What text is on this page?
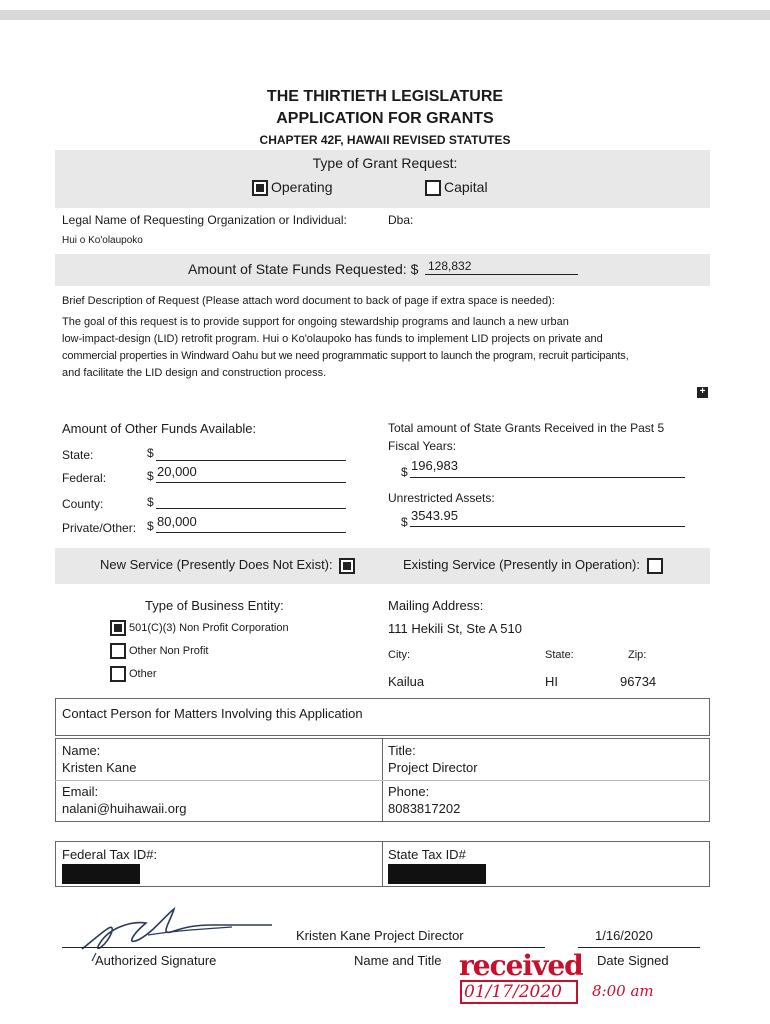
THE THIRTIETH LEGISLATURE
APPLICATION FOR GRANTS
CHAPTER 42F, HAWAII REVISED STATUTES
Type of Grant Request:
Operating	Capital
Legal Name of Requesting Organization or Individual:	Dba:
Hui o Ko'olaupoko
Amount of State Funds Requested: $ 128,832
Brief Description of Request (Please attach word document to back of page if extra space is needed):
The goal of this request is to provide support for ongoing stewardship programs and launch a new urban
low-impact-design (LID) retrofit program. Hui o Ko'olaupoko has funds to implement LID projects on private and
commercial properties in Windward Oahu but we need programmatic support to launch the program, recruit participants,
and facilitate the LID design and construction process.
+
Amount of Other Funds Available:
State:	$
Federal:	$ 20,000
County:	$
Private/Other: $ 80,000
Total amount of State Grants Received in the Past 5
Fiscal Years:
$ 196,983
Unrestricted Assets:
$ 3543.95
New Service (Presently Does Not Exist):	Existing Service (Presently in Operation):
Type of Business Entity:
501(C)(3) Non Profit Corporation
Other Non Profit
Other
Mailing Address:
111 Hekili St, Ste A 510
City:	State:	Zip:
Kailua	HI	96734
Contact Person for Matters Involving this Application
Name:
Kristen Kane
Title:
Project Director
Email:
nalani@huihawaii.org
Phone:
8083817202
Federal Tax ID#:	State Tax ID#
Authorized Signature
Kristen Kane Project Director
Name and Title
1/16/2020
Date Signed
received
01/17/2020 8:00 am
